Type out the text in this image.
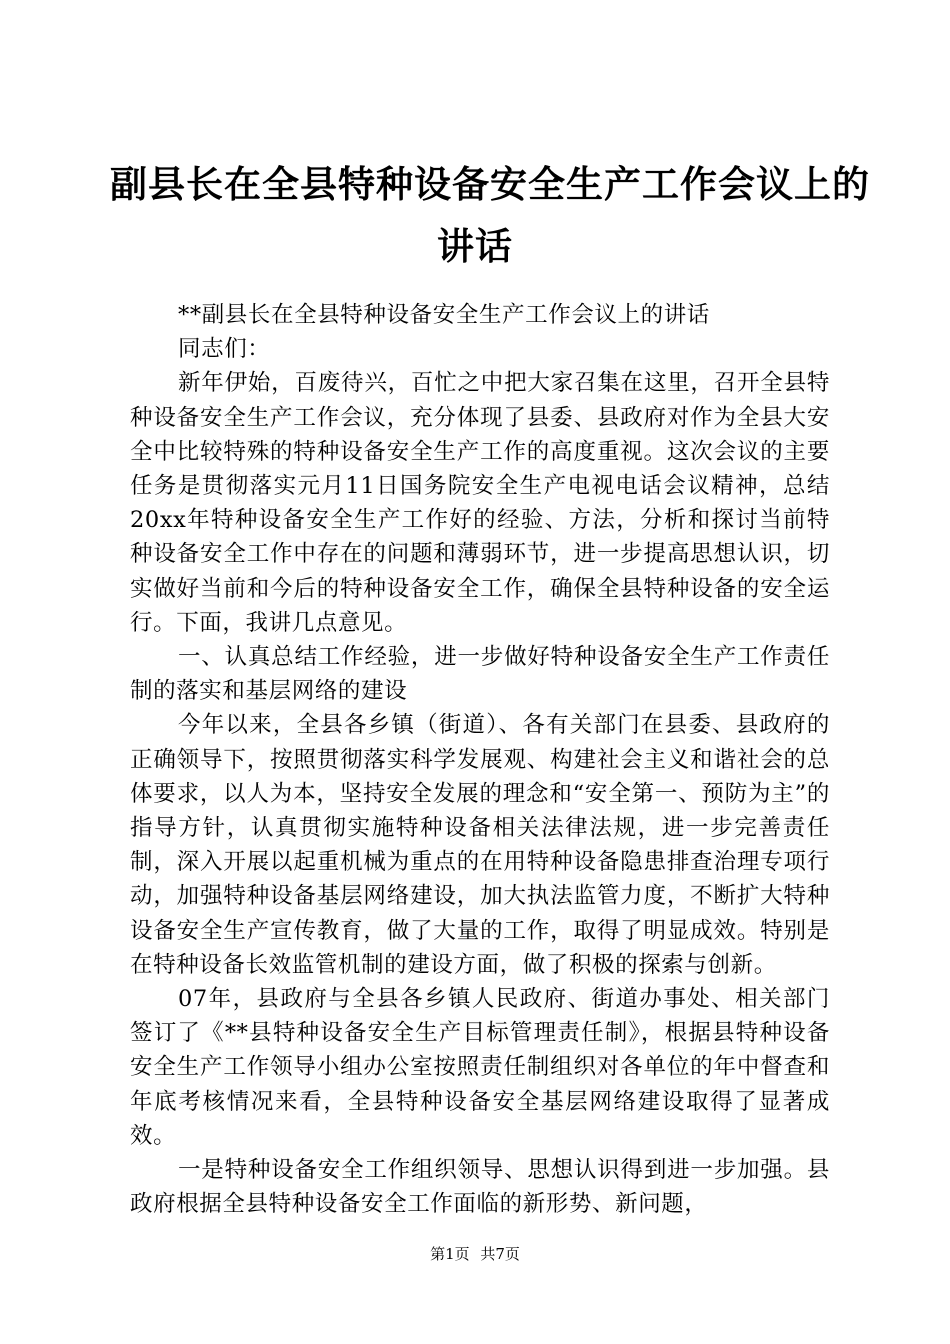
副县长在全县特种设备安全生产工作会议上的
讲话

**副县长在全县特种设备安全生产工作会议上的讲话

同志们：

新年伊始，百废待兴，百忙之中把大家召集在这里，召开全县特种设备安全生产工作会议，充分体现了县委、县政府对作为全县大安全中比较特殊的特种设备安全生产工作的高度重视。这次会议的主要任务是贯彻落实元月11日国务院安全生产电视电话会议精神，总结20xx年特种设备安全生产工作好的经验、方法，分析和探讨当前特种设备安全工作中存在的问题和薄弱环节，进一步提高思想认识，切实做好当前和今后的特种设备安全工作，确保全县特种设备的安全运行。下面，我讲几点意见。

一、认真总结工作经验，进一步做好特种设备安全生产工作责任制的落实和基层网络的建设

今年以来，全县各乡镇（街道）、各有关部门在县委、县政府的正确领导下，按照贯彻落实科学发展观、构建社会主义和谐社会的总体要求，以人为本，坚持安全发展的理念和“安全第一、预防为主”的指导方针，认真贯彻实施特种设备相关法律法规，进一步完善责任制，深入开展以起重机械为重点的在用特种设备隐患排查治理专项行动，加强特种设备基层网络建设，加大执法监管力度，不断扩大特种设备安全生产宣传教育，做了大量的工作，取得了明显成效。特别是在特种设备长效监管机制的建设方面，做了积极的探索与创新。

07年，县政府与全县各乡镇人民政府、街道办事处、相关部门签订了《**县特种设备安全生产目标管理责任制》，根据县特种设备安全生产工作领导小组办公室按照责任制组织对各单位的年中督查和年底考核情况来看，全县特种设备安全基层网络建设取得了显著成效。

一是特种设备安全工作组织领导、思想认识得到进一步加强。县政府根据全县特种设备安全工作面临的新形势、新问题，

第1页 共7页
